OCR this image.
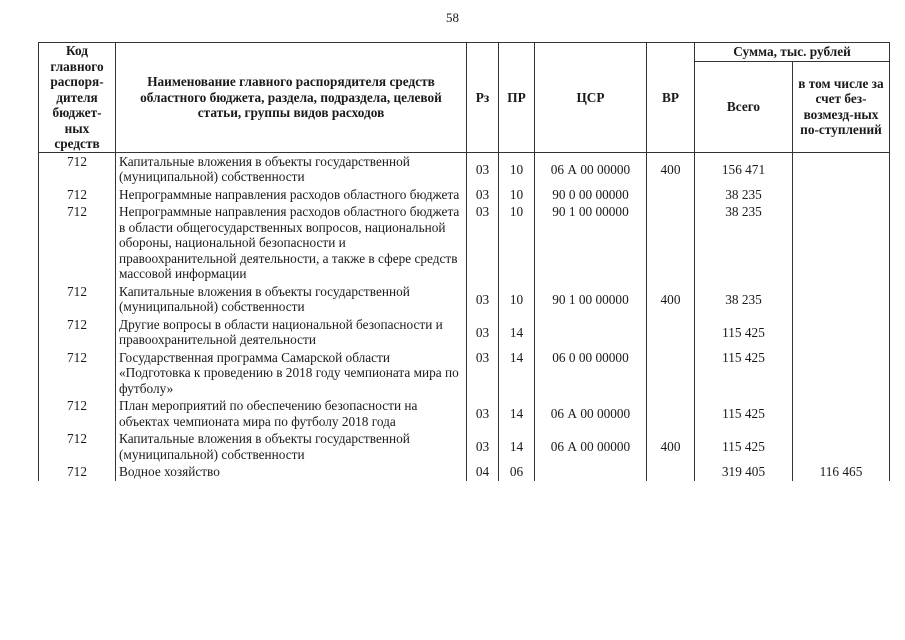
58
Код главного распоря-дителя бюджет-ных средств	Наименование главного распорядителя средств областного бюджета, раздела, подраздела, целевой статьи, группы видов расходов	Рз	ПР	ЦСР	ВР	Сумма, тыс. рублей	
						Всего	в том числе за счет без-возмезд-ных по-ступлений
712	Капитальные вложения в объекты государственной (муниципальной) собственности	03	10	06 А 00 00000	400	156 471	
712	Непрограммные направления расходов областного бюджета	03	10	90 0 00 00000		38 235	
712	Непрограммные направления расходов областного бюджета в области общегосударственных вопросов, национальной обороны, национальной безопасности и правоохранительной деятельности, а также в сфере средств массовой информации	03	10	90 1 00 00000		38 235	
712	Капитальные вложения в объекты государственной (муниципальной) собственности	03	10	90 1 00 00000	400	38 235	
712	Другие вопросы в области национальной безопасности и правоохранительной деятельности	03	14			115 425	
712	Государственная программа Самарской области «Подготовка к проведению в 2018 году чемпионата мира по футболу»	03	14	06 0 00 00000		115 425	
712	План мероприятий по обеспечению безопасности на объектах чемпионата мира по футболу 2018 года	03	14	06 А 00 00000		115 425	
712	Капитальные вложения в объекты государственной (муниципальной) собственности	03	14	06 А 00 00000	400	115 425	
712	Водное хозяйство	04	06			319 405	116 465
